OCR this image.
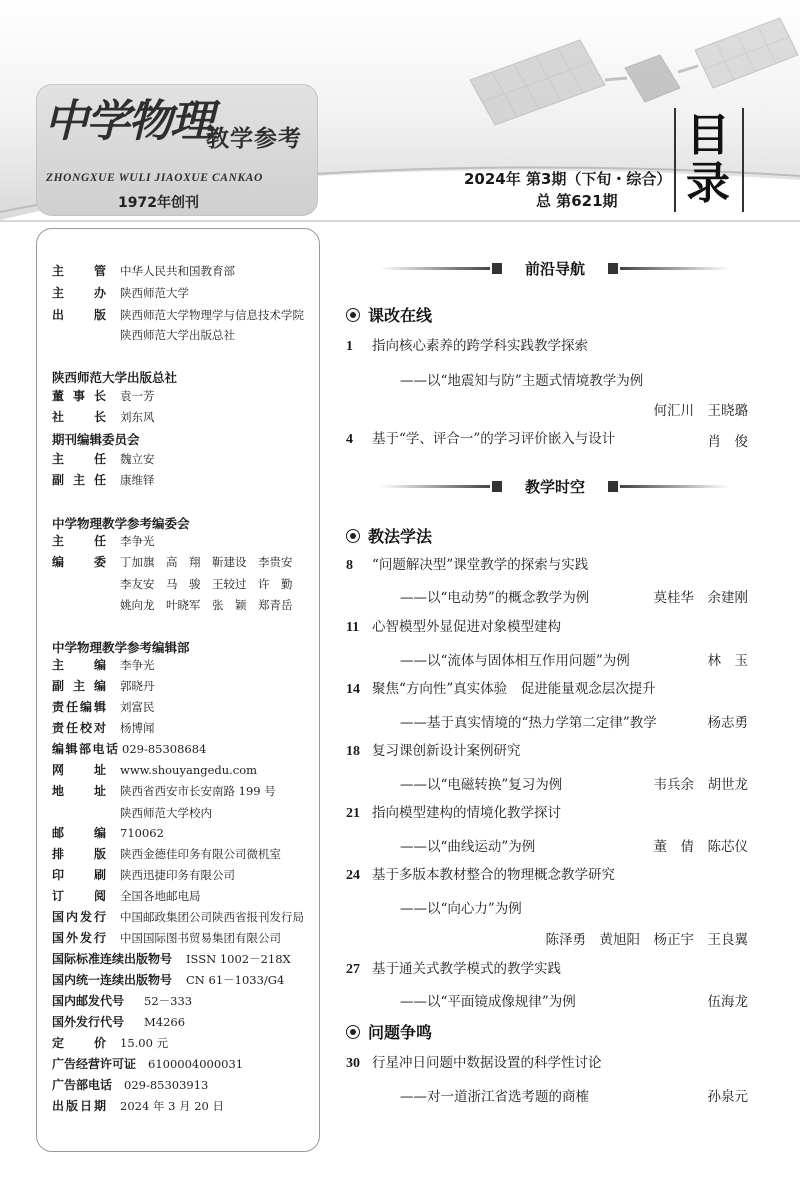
中学物理
教学参考
ZHONGXUE WULI JIAOXUE CANKAO
1972年创刊
2024年 第3期（下旬・综合）
总 第621期
目
录
主　管 中华人民共和国教育部
主　办 陕西师范大学
出　版 陕西师范大学物理学与信息技术学院
陕西师范大学出版总社
陕西师范大学出版总社
董 事 长 袁一芳
社　长 刘东风
期刊编辑委员会
主　任 魏立安
副 主 任 康维铎
中学物理教学参考编委会
主　任 李争光
编　委 丁加旗　高　翔　靳建设　李贵安
李友安　马　骏　王较过　许　勤
姚向龙　叶晓军　张　颖　郑青岳
中学物理教学参考编辑部
主　编 李争光
副 主 编 郭晓丹
责任编辑 刘富民
责任校对 杨博闻
编辑部电话 029-85308684
网　址 www.shouyangedu.com
地　址 陕西省西安市长安南路 199 号
陕西师范大学校内
邮　编 710062
排　版 陕西金德佳印务有限公司微机室
印　刷 陕西迅捷印务有限公司
订　阅 全国各地邮电局
国内发行 中国邮政集团公司陕西省报刊发行局
国外发行 中国国际图书贸易集团有限公司
国际标准连续出版物号 ISSN 1002－218X
国内统一连续出版物号 CN 61－1033/G4
国内邮发代号 52－333
国外发行代号 M4266
定　价 15.00 元
广告经营许可证 6100004000031
广告部电话 029-85303913
出版日期 2024 年 3 月 20 日
前沿导航
课改在线
1 指向核心素养的跨学科实践教学探索
——以“地震知与防”主题式情境教学为例
何汇川　王晓璐
4 基于“学、评合一”的学习评价嵌入与设计	肖　俊
教学时空
教法学法
8 “问题解决型”课堂教学的探索与实践
——以“电动势”的概念教学为例	莫桂华　余建刚
11 心智模型外显促进对象模型建构
——以“流体与固体相互作用问题”为例	林　玉
14 聚焦“方向性”真实体验　促进能量观念层次提升
——基于真实情境的“热力学第二定律”教学	杨志勇
18 复习课创新设计案例研究
——以“电磁转换”复习为例	韦兵余　胡世龙
21 指向模型建构的情境化教学探讨
——以“曲线运动”为例	董　倩　陈芯仪
24 基于多版本教材整合的物理概念教学研究
——以“向心力”为例
陈泽勇　黄旭阳　杨正宇　王良翼
27 基于通关式教学模式的教学实践
——以“平面镜成像规律”为例	伍海龙
问题争鸣
30 行星冲日问题中数据设置的科学性讨论
——对一道浙江省选考题的商榷	孙泉元
